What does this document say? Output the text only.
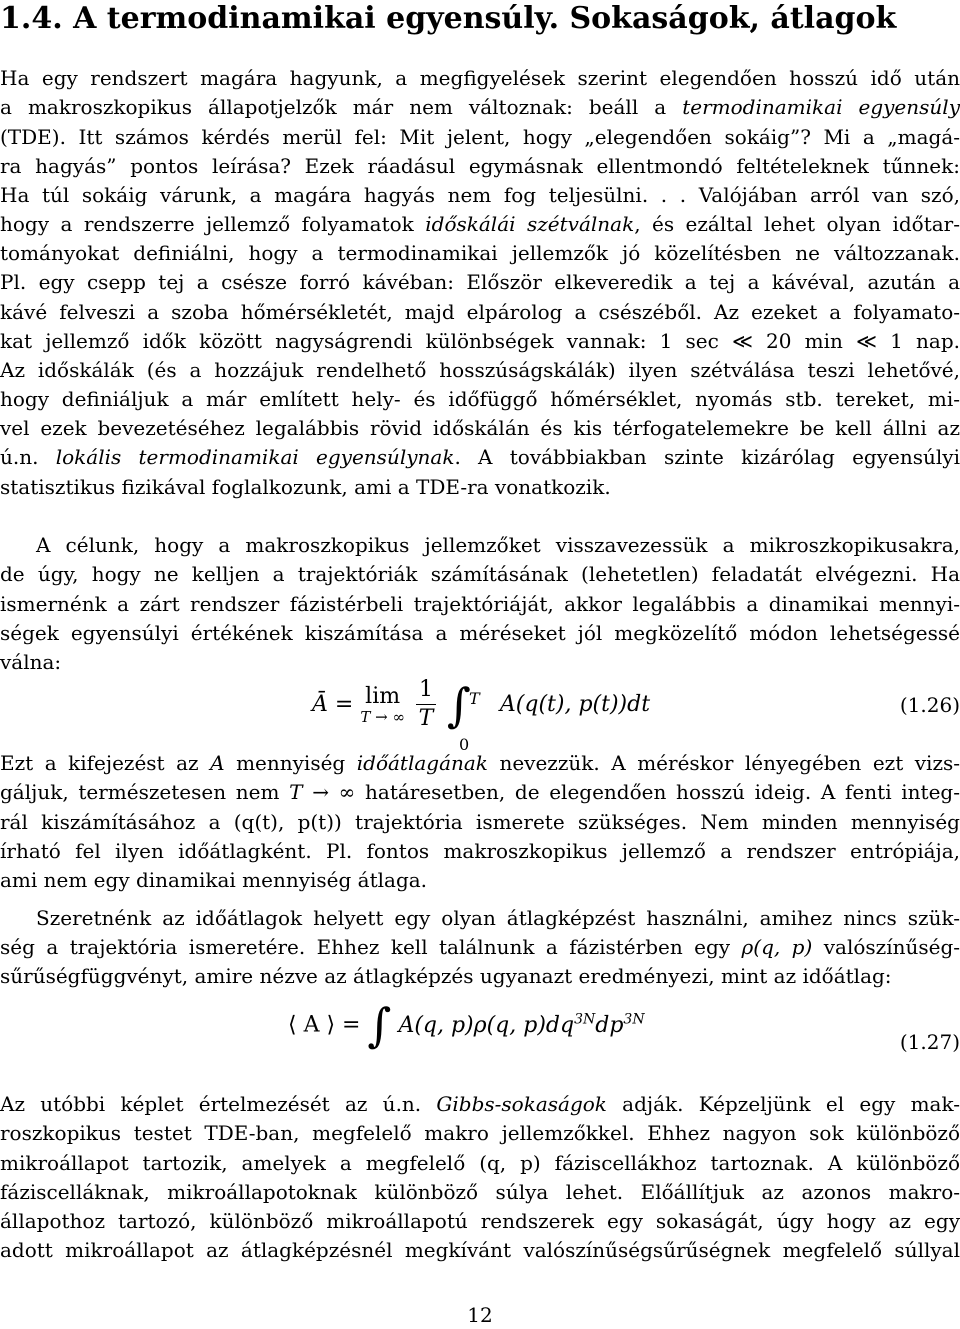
1.4. A termodinamikai egyensúly. Sokaságok, átlagok
Ha egy rendszert magára hagyunk, a megfigyelések szerint elegendően hosszú idő után
a makroszkopikus állapotjelzők már nem változnak: beáll a termodinamikai egyensúly
(TDE). Itt számos kérdés merül fel: Mit jelent, hogy „elegendően sokáig”? Mi a „magá-
ra hagyás” pontos leírása? Ezek ráadásul egymásnak ellentmondó feltételeknek tűnnek:
Ha túl sokáig várunk, a magára hagyás nem fog teljesülni. . . Valójában arról van szó,
hogy a rendszerre jellemző folyamatok időskálái szétválnak, és ezáltal lehet olyan időtar-
tományokat definiálni, hogy a termodinamikai jellemzők jó közelítésben ne változzanak.
Pl. egy csepp tej a csésze forró kávéban: Először elkeveredik a tej a kávéval, azután a
kávé felveszi a szoba hőmérsékletét, majd elpárolog a csészéből. Az ezeket a folyamato-
kat jellemző idők között nagyságrendi különbségek vannak: 1 sec ≪ 20 min ≪ 1 nap.
Az időskálák (és a hozzájuk rendelhető hosszúságskálák) ilyen szétválása teszi lehetővé,
hogy definiáljuk a már említett hely- és időfüggő hőmérséklet, nyomás stb. tereket, mi-
vel ezek bevezetéséhez legalábbis rövid időskálán és kis térfogatelemekre be kell állni az
ú.n. lokális termodinamikai egyensúlynak. A továbbiakban szinte kizárólag egyensúlyi
statisztikus fizikával foglalkozunk, ami a TDE-ra vonatkozik.
A célunk, hogy a makroszkopikus jellemzőket visszavezessük a mikroszkopikusakra,
de úgy, hogy ne kelljen a trajektóriák számításának (lehetetlen) feladatát elvégezni. Ha
ismernénk a zárt rendszer fázistérbeli trajektóriáját, akkor legalábbis a dinamikai mennyi-
ségek egyensúlyi értékének kiszámítása a méréseket jól megközelítő módon lehetségessé
válna:
Ā = lim
T → ∞
$\frac{1}{T}$ ∫
T
0
A(q(t), p(t))dt	(1.26)
Ezt a kifejezést az A mennyiség időátlagának nevezzük. A méréskor lényegében ezt vizs-
gáljuk, természetesen nem T → ∞ határesetben, de elegendően hosszú ideig. A fenti integ-
rál kiszámításához a (q(t), p(t)) trajektória ismerete szükséges. Nem minden mennyiség
írható fel ilyen időátlagként. Pl. fontos makroszkopikus jellemző a rendszer entrópiája,
ami nem egy dinamikai mennyiség átlaga.
Szeretnénk az időátlagok helyett egy olyan átlagképzést használni, amihez nincs szük-
ség a trajektória ismeretére. Ehhez kell találnunk a fázistérben egy ρ(q, p) valószínűség-
sűrűségfüggvényt, amire nézve az átlagképzés ugyanazt eredményezi, mint az időátlag:
⟨ A ⟩ = ∫ A(q, p)ρ(q, $p)dq^{3N}dp^{3N}$
(1.27)
Az utóbbi képlet értelmezését az ú.n. Gibbs-sokaságok adják. Képzeljünk el egy mak-
roszkopikus testet TDE-ban, megfelelő makro jellemzőkkel. Ehhez nagyon sok különböző
mikroállapot tartozik, amelyek a megfelelő (q, p) fáziscellákhoz tartoznak. A különböző
fáziscelláknak, mikroállapotoknak különböző súlya lehet. Előállítjuk az azonos makro-
állapothoz tartozó, különböző mikroállapotú rendszerek egy sokaságát, úgy hogy az egy
adott mikroállapot az átlagképzésnél megkívánt valószínűségsűrűségnek megfelelő súllyal
12
